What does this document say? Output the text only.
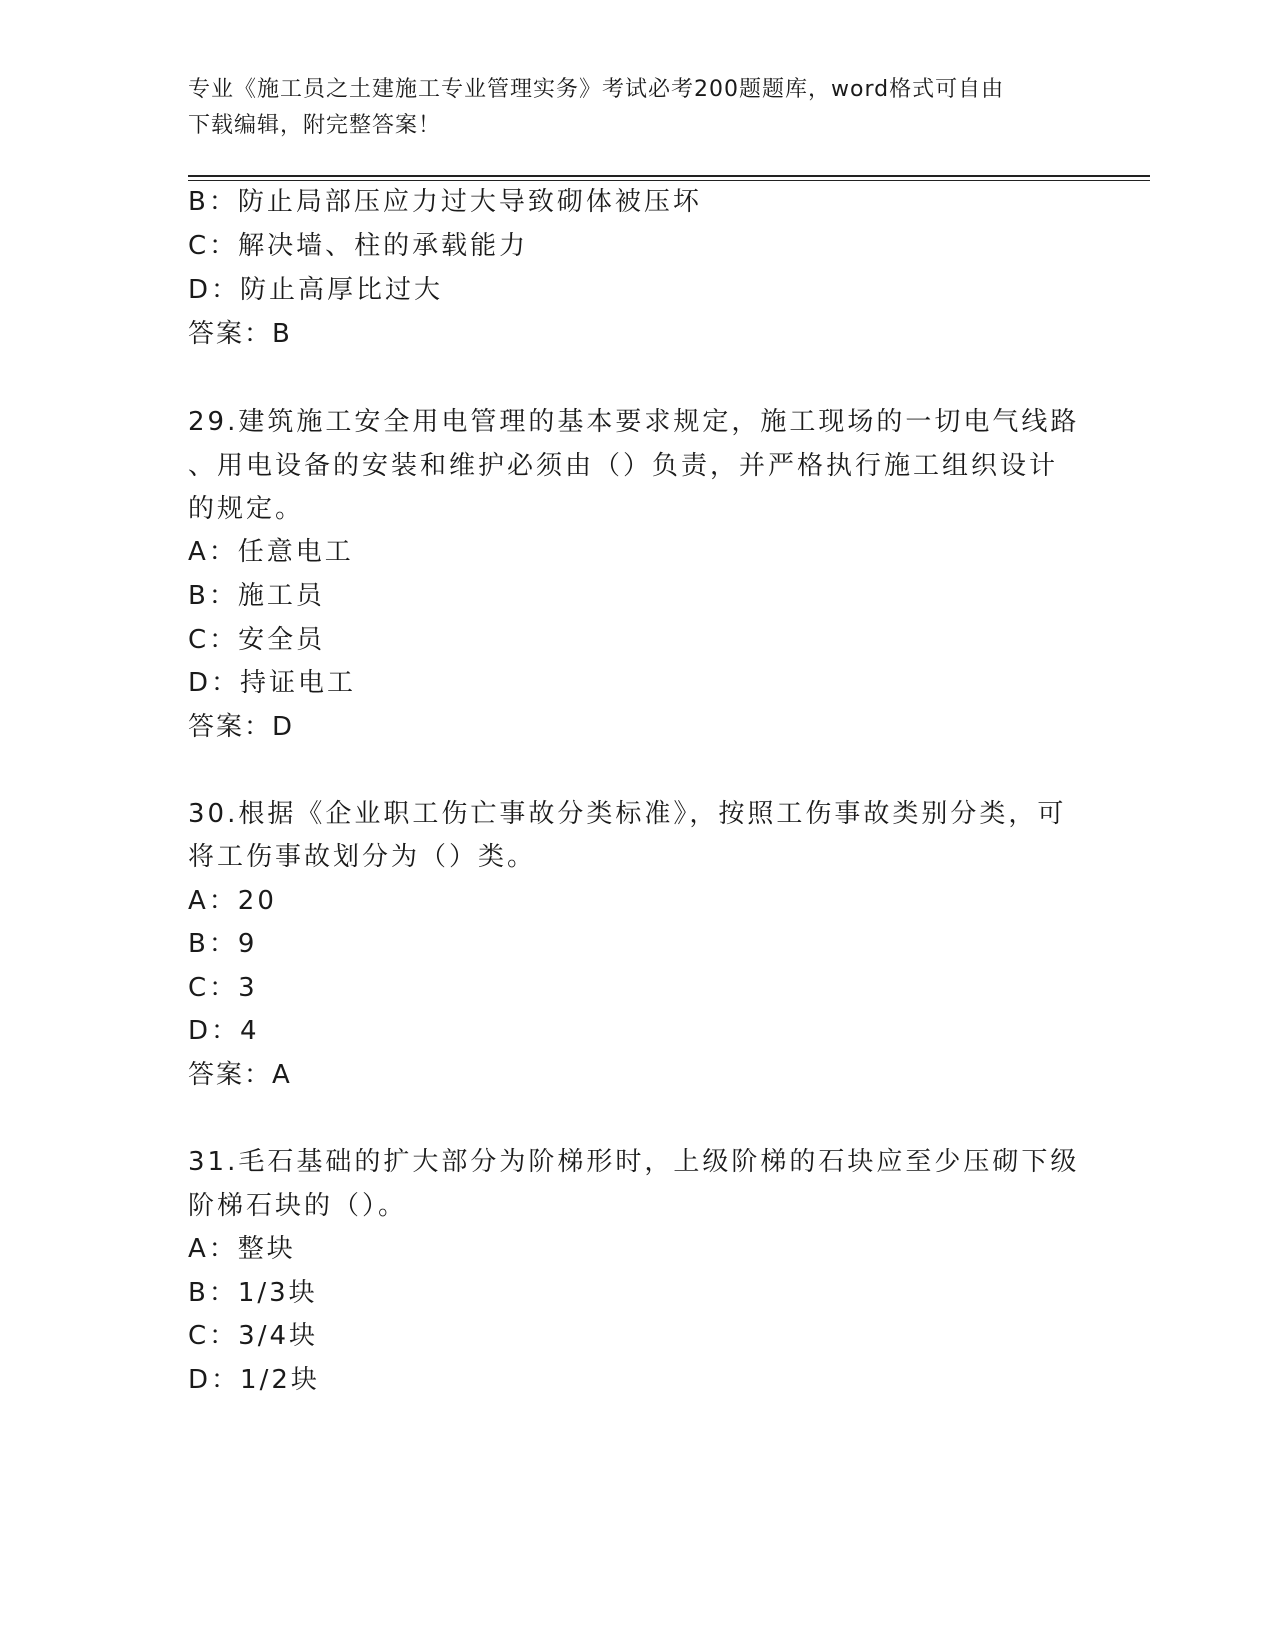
专业《施工员之土建施工专业管理实务》考试必考200题题库，word格式可自由
下载编辑，附完整答案！
B：防止局部压应力过大导致砌体被压坏
C：解决墙、柱的承载能力
D：防止高厚比过大
答案：B
29.建筑施工安全用电管理的基本要求规定，施工现场的一切电气线路
、用电设备的安装和维护必须由（）负责，并严格执行施工组织设计
的规定。
A：任意电工
B：施工员
C：安全员
D：持证电工
答案：D
30.根据《企业职工伤亡事故分类标准》，按照工伤事故类别分类，可
将工伤事故划分为（）类。
A：20
B：9
C：3
D：4
答案：A
31.毛石基础的扩大部分为阶梯形时，上级阶梯的石块应至少压砌下级
阶梯石块的（）。
A：整块
B：1/3块
C：3/4块
D：1/2块
